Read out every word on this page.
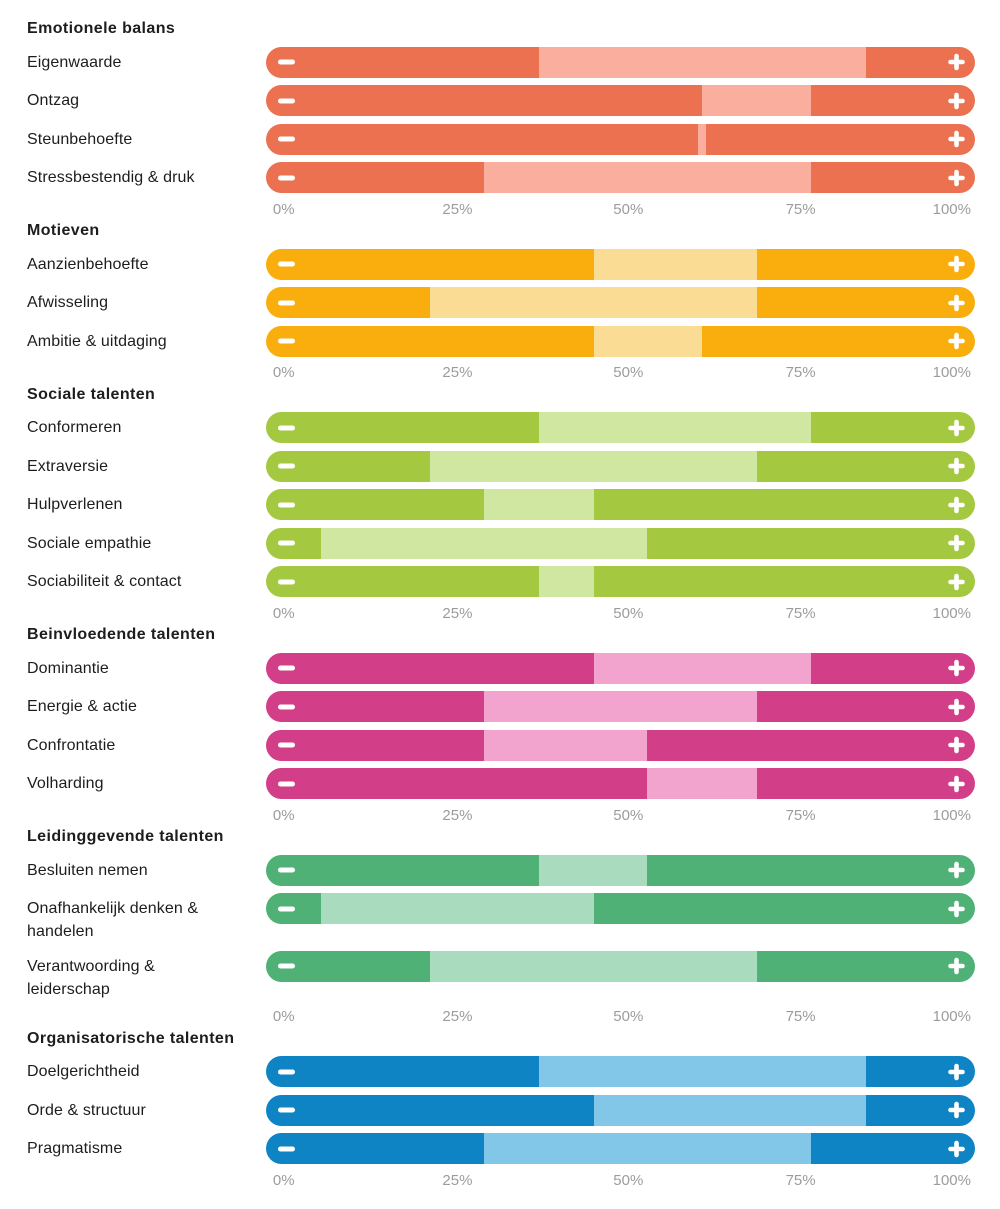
Emotionele balans
Eigenwaarde
Ontzag
Steunbehoefte
Stressbestendig & druk
0%	25%	50%	75%	100%
Motieven
Aanzienbehoefte
Afwisseling
Ambitie & uitdaging
0%	25%	50%	75%	100%
Sociale talenten
Conformeren
Extraversie
Hulpverlenen
Sociale empathie
Sociabiliteit & contact
0%	25%	50%	75%	100%
Beinvloedende talenten
Dominantie
Energie & actie
Confrontatie
Volharding
0%	25%	50%	75%	100%
Leidinggevende talenten
Besluiten nemen
Onafhankelijk denken & handelen
Verantwoording & leiderschap
0%	25%	50%	75%	100%
Organisatorische talenten
Doelgerichtheid
Orde & structuur
Pragmatisme
0%	25%	50%	75%	100%
